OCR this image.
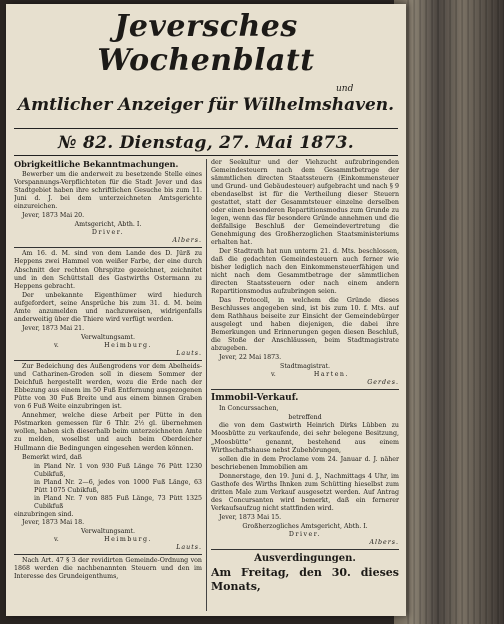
Jeversches Wochenblatt
Amtlicher Anzeiger für Wilhelmshaven.
und
№ 82. Dienstag, 27. Mai 1873.

Obrigkeitliche Bekanntmachungen.

Bewerber um die anderweit zu besetzende Stelle eines Vorspannungs-Verpflichteten für die Stadt Jever und das Stadtgebiet haben ihre schriftlichen Gesuche bis zum 11. Juni d. J. bei dem unterzeichneten Amtsgerichte einzureichen.

Jever, 1873 Mai 20.

Amtsgericht, Abth. I.

Driver.

Albers.

Am 16. d. M. sind von dem Lande des D. Jürß zu Heppens zwei Hammel von weißer Farbe, der eine durch Abschnitt der rechten Ohrspitze gezeichnet, zeichnitet und in den Schüttstall des Gastwirths Ostermann zu Heppens gebracht.

Der unbekannte Eigenthümer wird hiedurch aufgefordert, seine Ansprüche bis zum 31. d. M. beim Amte anzumelden und nachzuweisen, widrigenfalls anderweitig über die Thiere wird verfügt werden.

Jever, 1873 Mai 21.

Verwaltungsamt.

v.	Heimburg.

Lauts.

Zur Bedeichung des Außengrodens vor dem Abelheids- und Catharinen-Groden soll in diesem Sommer der Deichfuß hergestellt werden, wozu die Erde nach der Ebbezung aus einem im 50 Fuß Entfernung ausgezogenen Pütte von 30 Fuß Breite und aus einem binnen Graben von 6 Fuß Weite einzubringen ist.

Annehmer, welche diese Arbeit per Pütte in den Pöstmarken gemessen für 6 Thlr. 2½ gl. übernehmen wollen, haben sich dieserhalb beim unterzeichneten Amte zu melden, woselbst und auch beim Oberdeicher Hullmann die Bedingungen eingesehen werden können.

Bemerkt wird, daß

in Pland Nr. 1 von 930 Fuß Länge 76 Pütt 1230 Cubikfuß,

in Pland Nr. 2—6, jedes von 1000 Fuß Länge, 63 Pütt 1075 Cubikfuß,

in Pland Nr. 7 von 885 Fuß Länge, 73 Pütt 1325 Cubikfuß

einzubringen sind.

Jever, 1873 Mai 18.

Verwaltungsamt.

v.	Heimburg.

Lauts.

Nach Art. 47 § 3 der revidirten Gemeinde-Ordnung von 1868 werden die nachbenannten Steuern und den im Interesse des Grundeigenthums,

der Seekultur und der Viehzucht aufzubringenden Gemeindesteuern nach dem Gesammtbetrage der sämmtlichen directen Staatssteuern (Einkommensteuer und Grund- und Gebäudesteuer) aufgebracht und nach § 9 ebendaselbst ist für die Vertheilung dieser Steuern gestattet, statt der Gesammtsteuer einzelne derselben oder einen besonderen Repartitionsmodus zum Grunde zu legen, wenn das für besondere Gründe annehmen und die deßfallsige Beschluß der Gemeindevertretung die Genehmigung des Großherzoglichen Staatsministeriums erhalten hat.

Der Stadtrath hat nun unterm 21. d. Mts. beschlossen, daß die gedachten Gemeindesteuern auch ferner wie bisher lediglich nach den Einkommensteuerfähigen und nicht nach dem Gesammtbetrage der sämmtlichen directen Staatssteuern oder nach einem andern Repartitionsmodus aufzubringen seien.

Das Protocoll, in welchem die Gründe dieses Beschlusses angegeben sind, ist bis zum 10. f. Mts. auf dem Rathhaus beiseite zur Einsicht der Gemeindebürger ausgelegt und haben diejenigen, die dabei ihre Bemerkungen und Erinnerungen gegen diesen Beschluß, die Stoße der Anschläussen, beim Stadtmagistrate abzugeben.

Jever, 22 Mai 1873.

Stadtmagistrat.

v.	Harten.

Gerdes.

Immobil-Verkauf.

In Concurssachen,

betreffend

die von dem Gastwirth Heinrich Dirks Lübben zu Moosbütte zu verkaufende, dei sehr belegene Besitzung, „Moosbütte“ genannt, bestehend aus einem Wirthschaftshause nebst Zubehörungen,

sollen die in dem Proclame vom 24. Januar d. J. näher beschriebenen Immobilien am

Donnerstage, den 19. Juni d. J., Nachmittags 4 Uhr, im Gasthofe des Wirths Ihnken zum Schütting hieselbst zum dritten Male zum Verkauf ausgesetzt werden. Auf Antrag des Concursanten wird bemerkt, daß ein fernerer Verkaufsaufzug nicht stattfinden wird.

Jever, 1873 Mai 15.

Großherzogliches Amtsgericht, Abth. I.

Driver.

Albers.

Ausverdingungen.

Am Freitag, den 30. dieses Monats,
